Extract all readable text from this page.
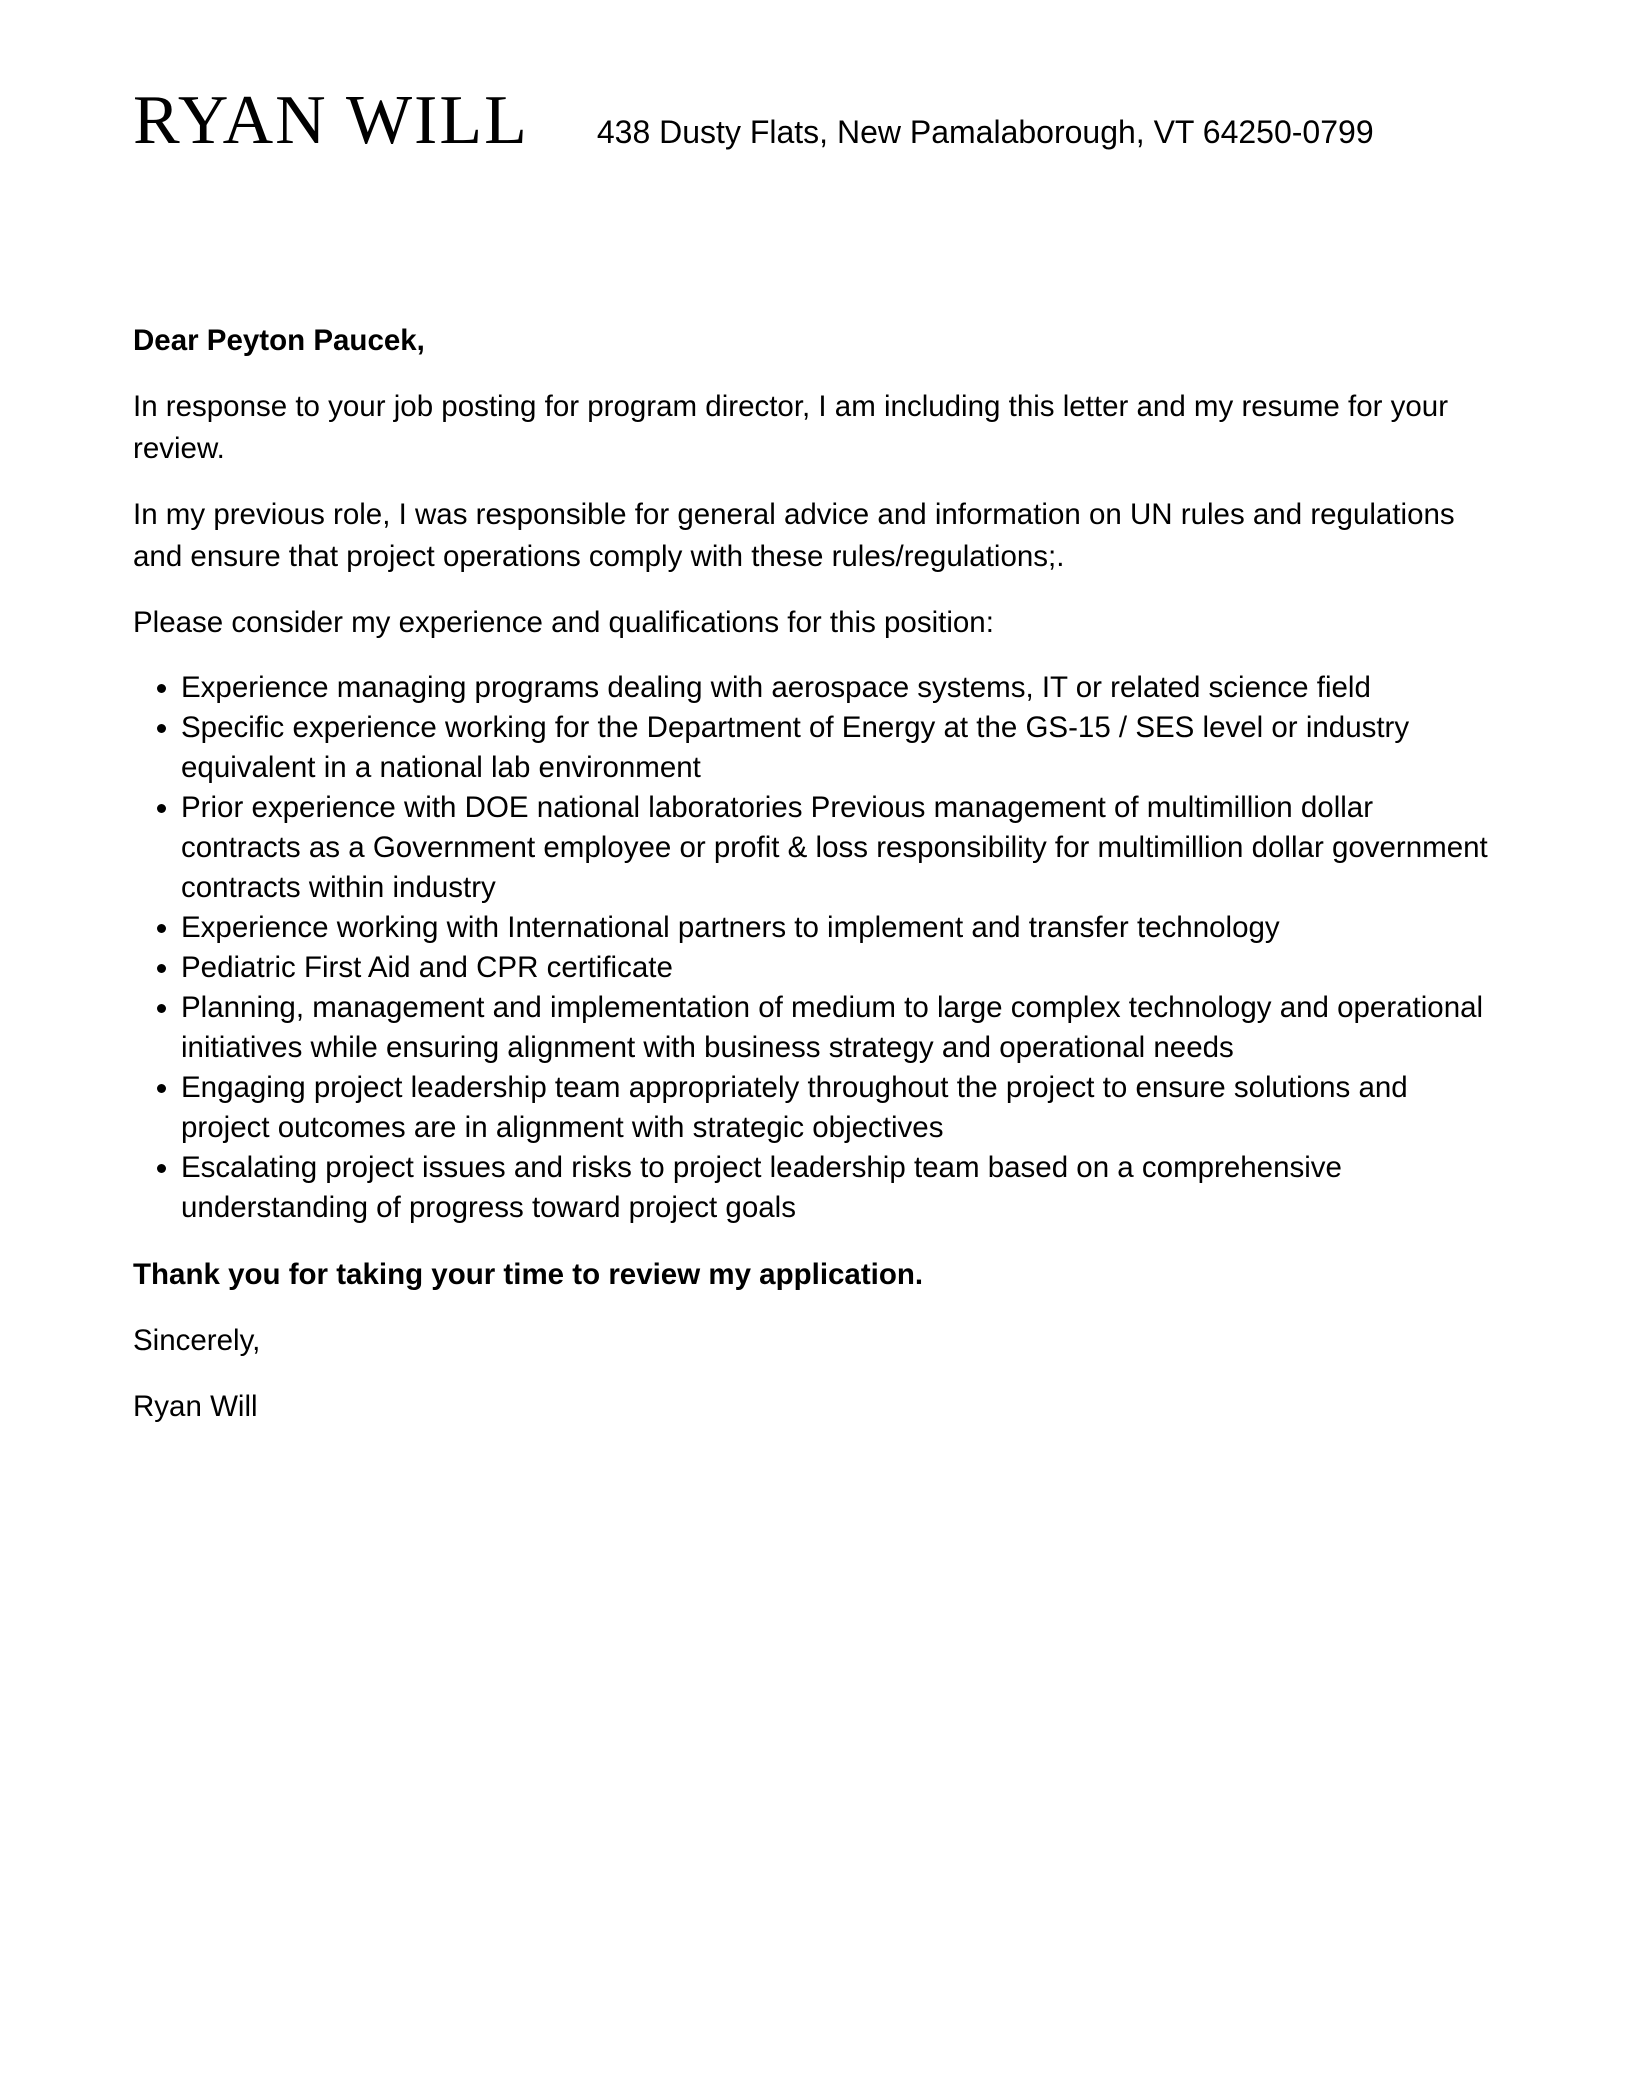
RYAN WILL 438 Dusty Flats, New Pamalaborough, VT 64250-0799

Dear Peyton Paucek,

In response to your job posting for program director, I am including this letter and my resume for your review.

In my previous role, I was responsible for general advice and information on UN rules and regulations and ensure that project operations comply with these rules/regulations;.

Please consider my experience and qualifications for this position:

• Experience managing programs dealing with aerospace systems, IT or related science field
• Specific experience working for the Department of Energy at the GS-15 / SES level or industry equivalent in a national lab environment
• Prior experience with DOE national laboratories Previous management of multimillion dollar contracts as a Government employee or profit & loss responsibility for multimillion dollar government contracts within industry
• Experience working with International partners to implement and transfer technology
• Pediatric First Aid and CPR certificate
• Planning, management and implementation of medium to large complex technology and operational initiatives while ensuring alignment with business strategy and operational needs
• Engaging project leadership team appropriately throughout the project to ensure solutions and project outcomes are in alignment with strategic objectives
• Escalating project issues and risks to project leadership team based on a comprehensive understanding of progress toward project goals

Thank you for taking your time to review my application.

Sincerely,

Ryan Will
